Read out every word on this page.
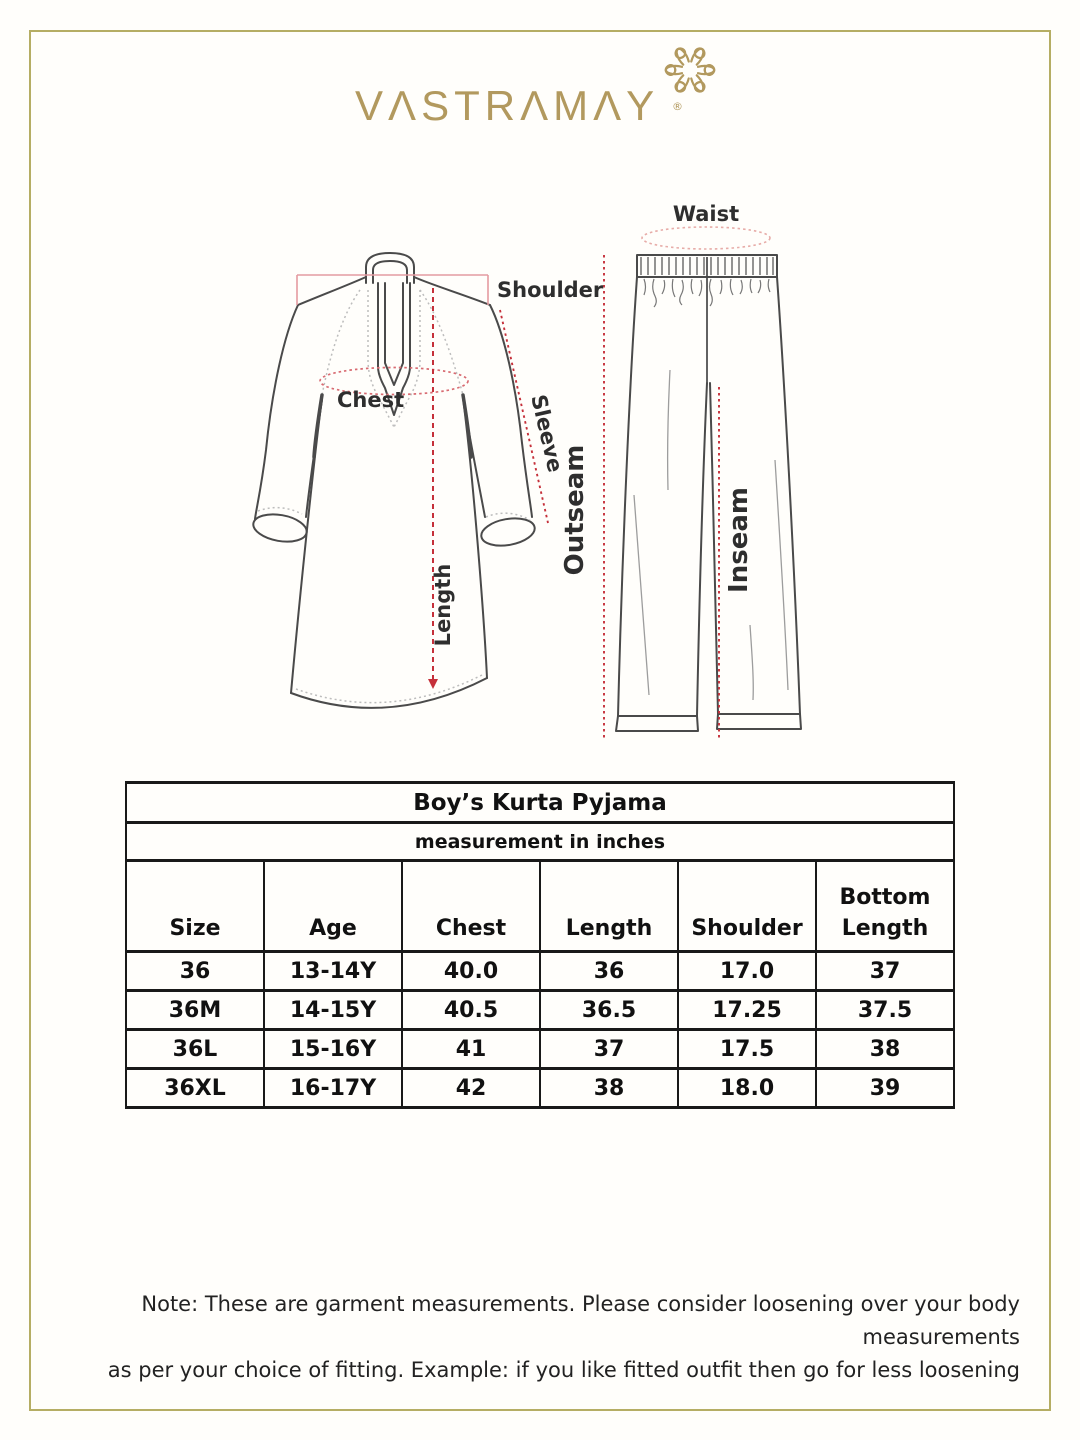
VΛSTRΛMΛY ®
Shoulder
Chest	Sleeve
Length
Waist
Outseam	Inseam
Boy’s Kurta Pyjama					
measurement in inches					
Size	Age	Chest	Length	Shoulder	Bottom Length
36	13-14Y	40.0	36	17.0	37
36M	14-15Y	40.5	36.5	17.25	37.5
36L	15-16Y	41	37	17.5	38
36XL	16-17Y	42	38	18.0	39
Note: These are garment measurements. Please consider loosening over your body measurements
as per your choice of fitting. Example: if you like fitted outfit then go for less loosening
